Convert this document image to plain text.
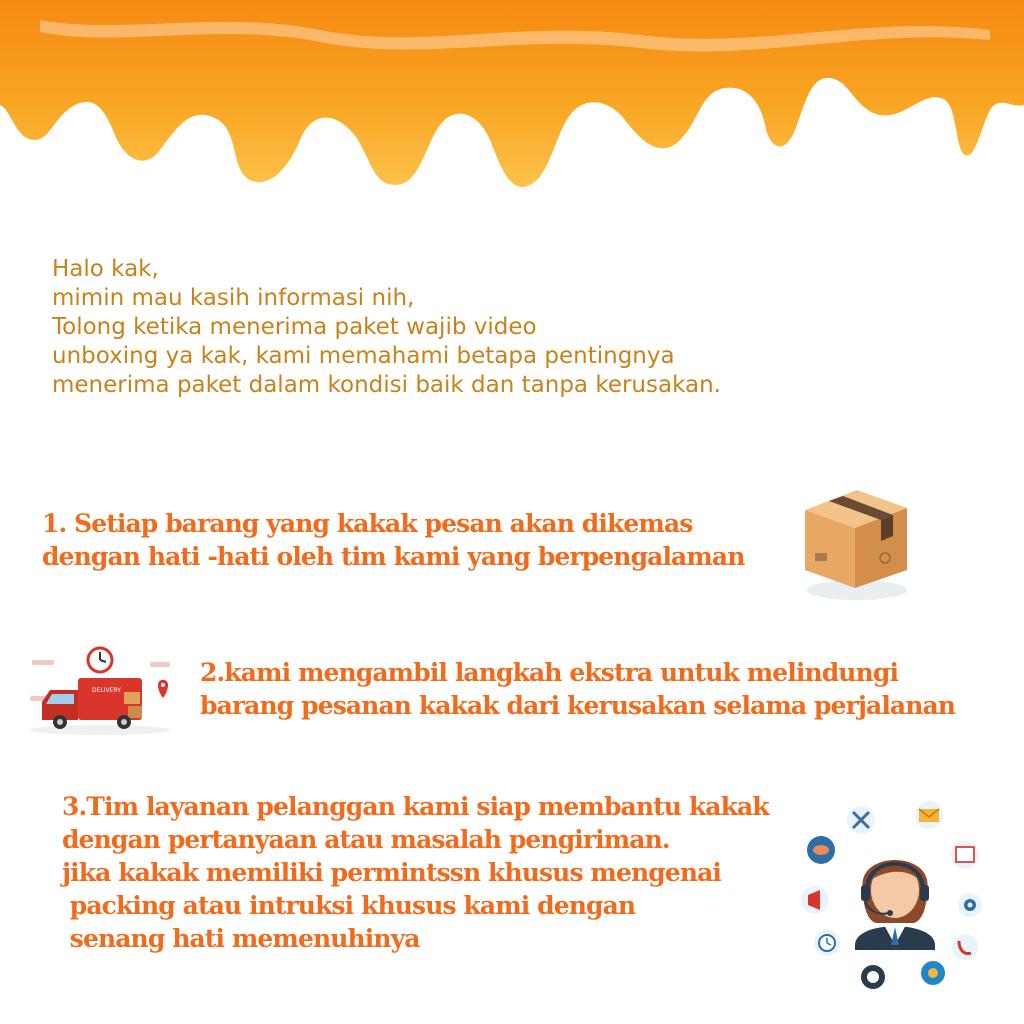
Halo kak,
mimin mau kasih informasi nih,
Tolong ketika menerima paket wajib video
unboxing ya kak, kami memahami betapa pentingnya
menerima paket dalam kondisi baik dan tanpa kerusakan.
1. Setiap barang yang kakak pesan akan dikemas
dengan hati -hati oleh tim kami yang berpengalaman
DELIVERY
2.kami mengambil langkah ekstra untuk melindungi
barang pesanan kakak dari kerusakan selama perjalanan
3.Tim layanan pelanggan kami siap membantu kakak
dengan pertanyaan atau masalah pengiriman.
jika kakak memiliki permintssn khusus mengenai
packing atau intruksi khusus kami dengan
senang hati memenuhinya
